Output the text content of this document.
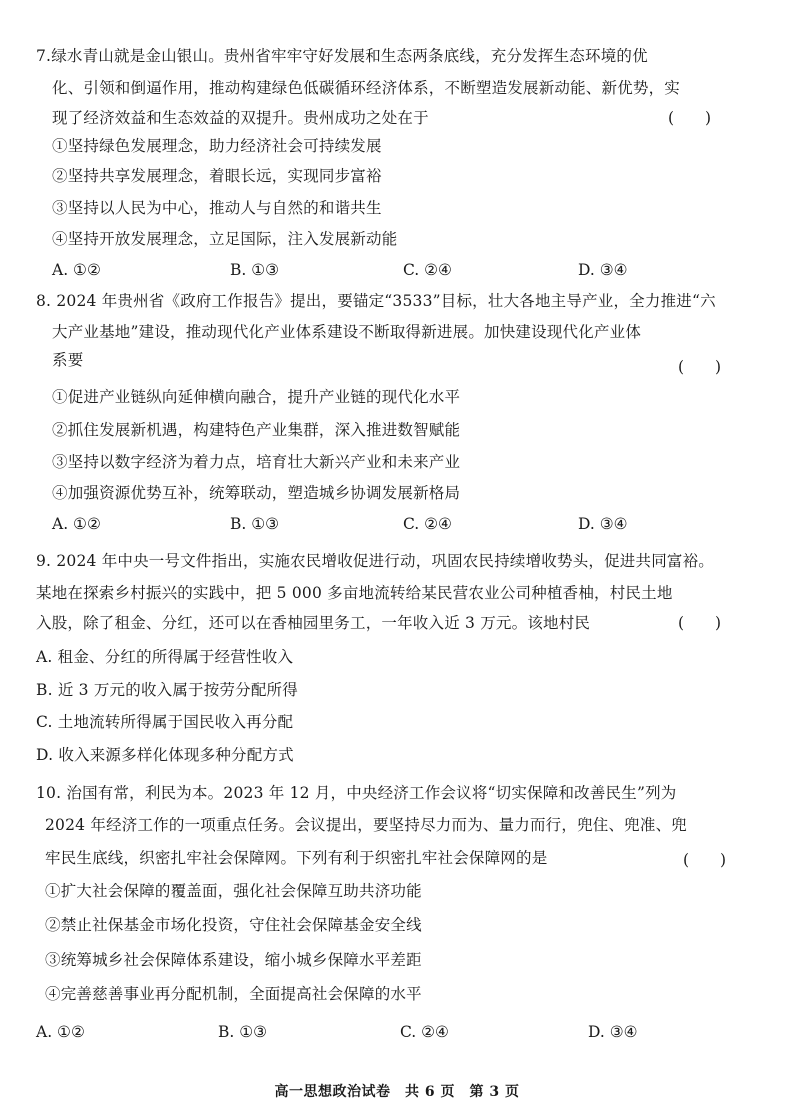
7.绿水青山就是金山银山。贵州省牢牢守好发展和生态两条底线，充分发挥生态环境的优
化、引领和倒逼作用，推动构建绿色低碳循环经济体系，不断塑造发展新动能、新优势，实
现了经济效益和生态效益的双提升。贵州成功之处在于	(　　)
①坚持绿色发展理念，助力经济社会可持续发展
②坚持共享发展理念，着眼长远，实现同步富裕
③坚持以人民为中心，推动人与自然的和谐共生
④坚持开放发展理念，立足国际，注入发展新动能
A. ①②	B. ①③	C. ②④	D. ③④
8. 2024 年贵州省《政府工作报告》提出，要锚定“3533”目标，壮大各地主导产业，全力推进“六
大产业基地”建设，推动现代化产业体系建设不断取得新进展。加快建设现代化产业体
系要	(　　)
①促进产业链纵向延伸横向融合，提升产业链的现代化水平
②抓住发展新机遇，构建特色产业集群，深入推进数智赋能
③坚持以数字经济为着力点，培育壮大新兴产业和未来产业
④加强资源优势互补，统筹联动，塑造城乡协调发展新格局
A. ①②	B. ①③	C. ②④	D. ③④
9. 2024 年中央一号文件指出，实施农民增收促进行动，巩固农民持续增收势头，促进共同富裕。
某地在探索乡村振兴的实践中，把 5 000 多亩地流转给某民营农业公司种植香柚，村民土地
入股，除了租金、分红，还可以在香柚园里务工，一年收入近 3 万元。该地村民	(　　)
A. 租金、分红的所得属于经营性收入
B. 近 3 万元的收入属于按劳分配所得
C. 土地流转所得属于国民收入再分配
D. 收入来源多样化体现多种分配方式
10. 治国有常，利民为本。2023 年 12 月，中央经济工作会议将“切实保障和改善民生”列为
2024 年经济工作的一项重点任务。会议提出，要坚持尽力而为、量力而行，兜住、兜准、兜
牢民生底线，织密扎牢社会保障网。下列有利于织密扎牢社会保障网的是	(　　)
①扩大社会保障的覆盖面，强化社会保障互助共济功能
②禁止社保基金市场化投资，守住社会保障基金安全线
③统筹城乡社会保障体系建设，缩小城乡保障水平差距
④完善慈善事业再分配机制，全面提高社会保障的水平
A. ①②	B. ①③	C. ②④	D. ③④
高一思想政治试卷　共 6 页　第 3 页
